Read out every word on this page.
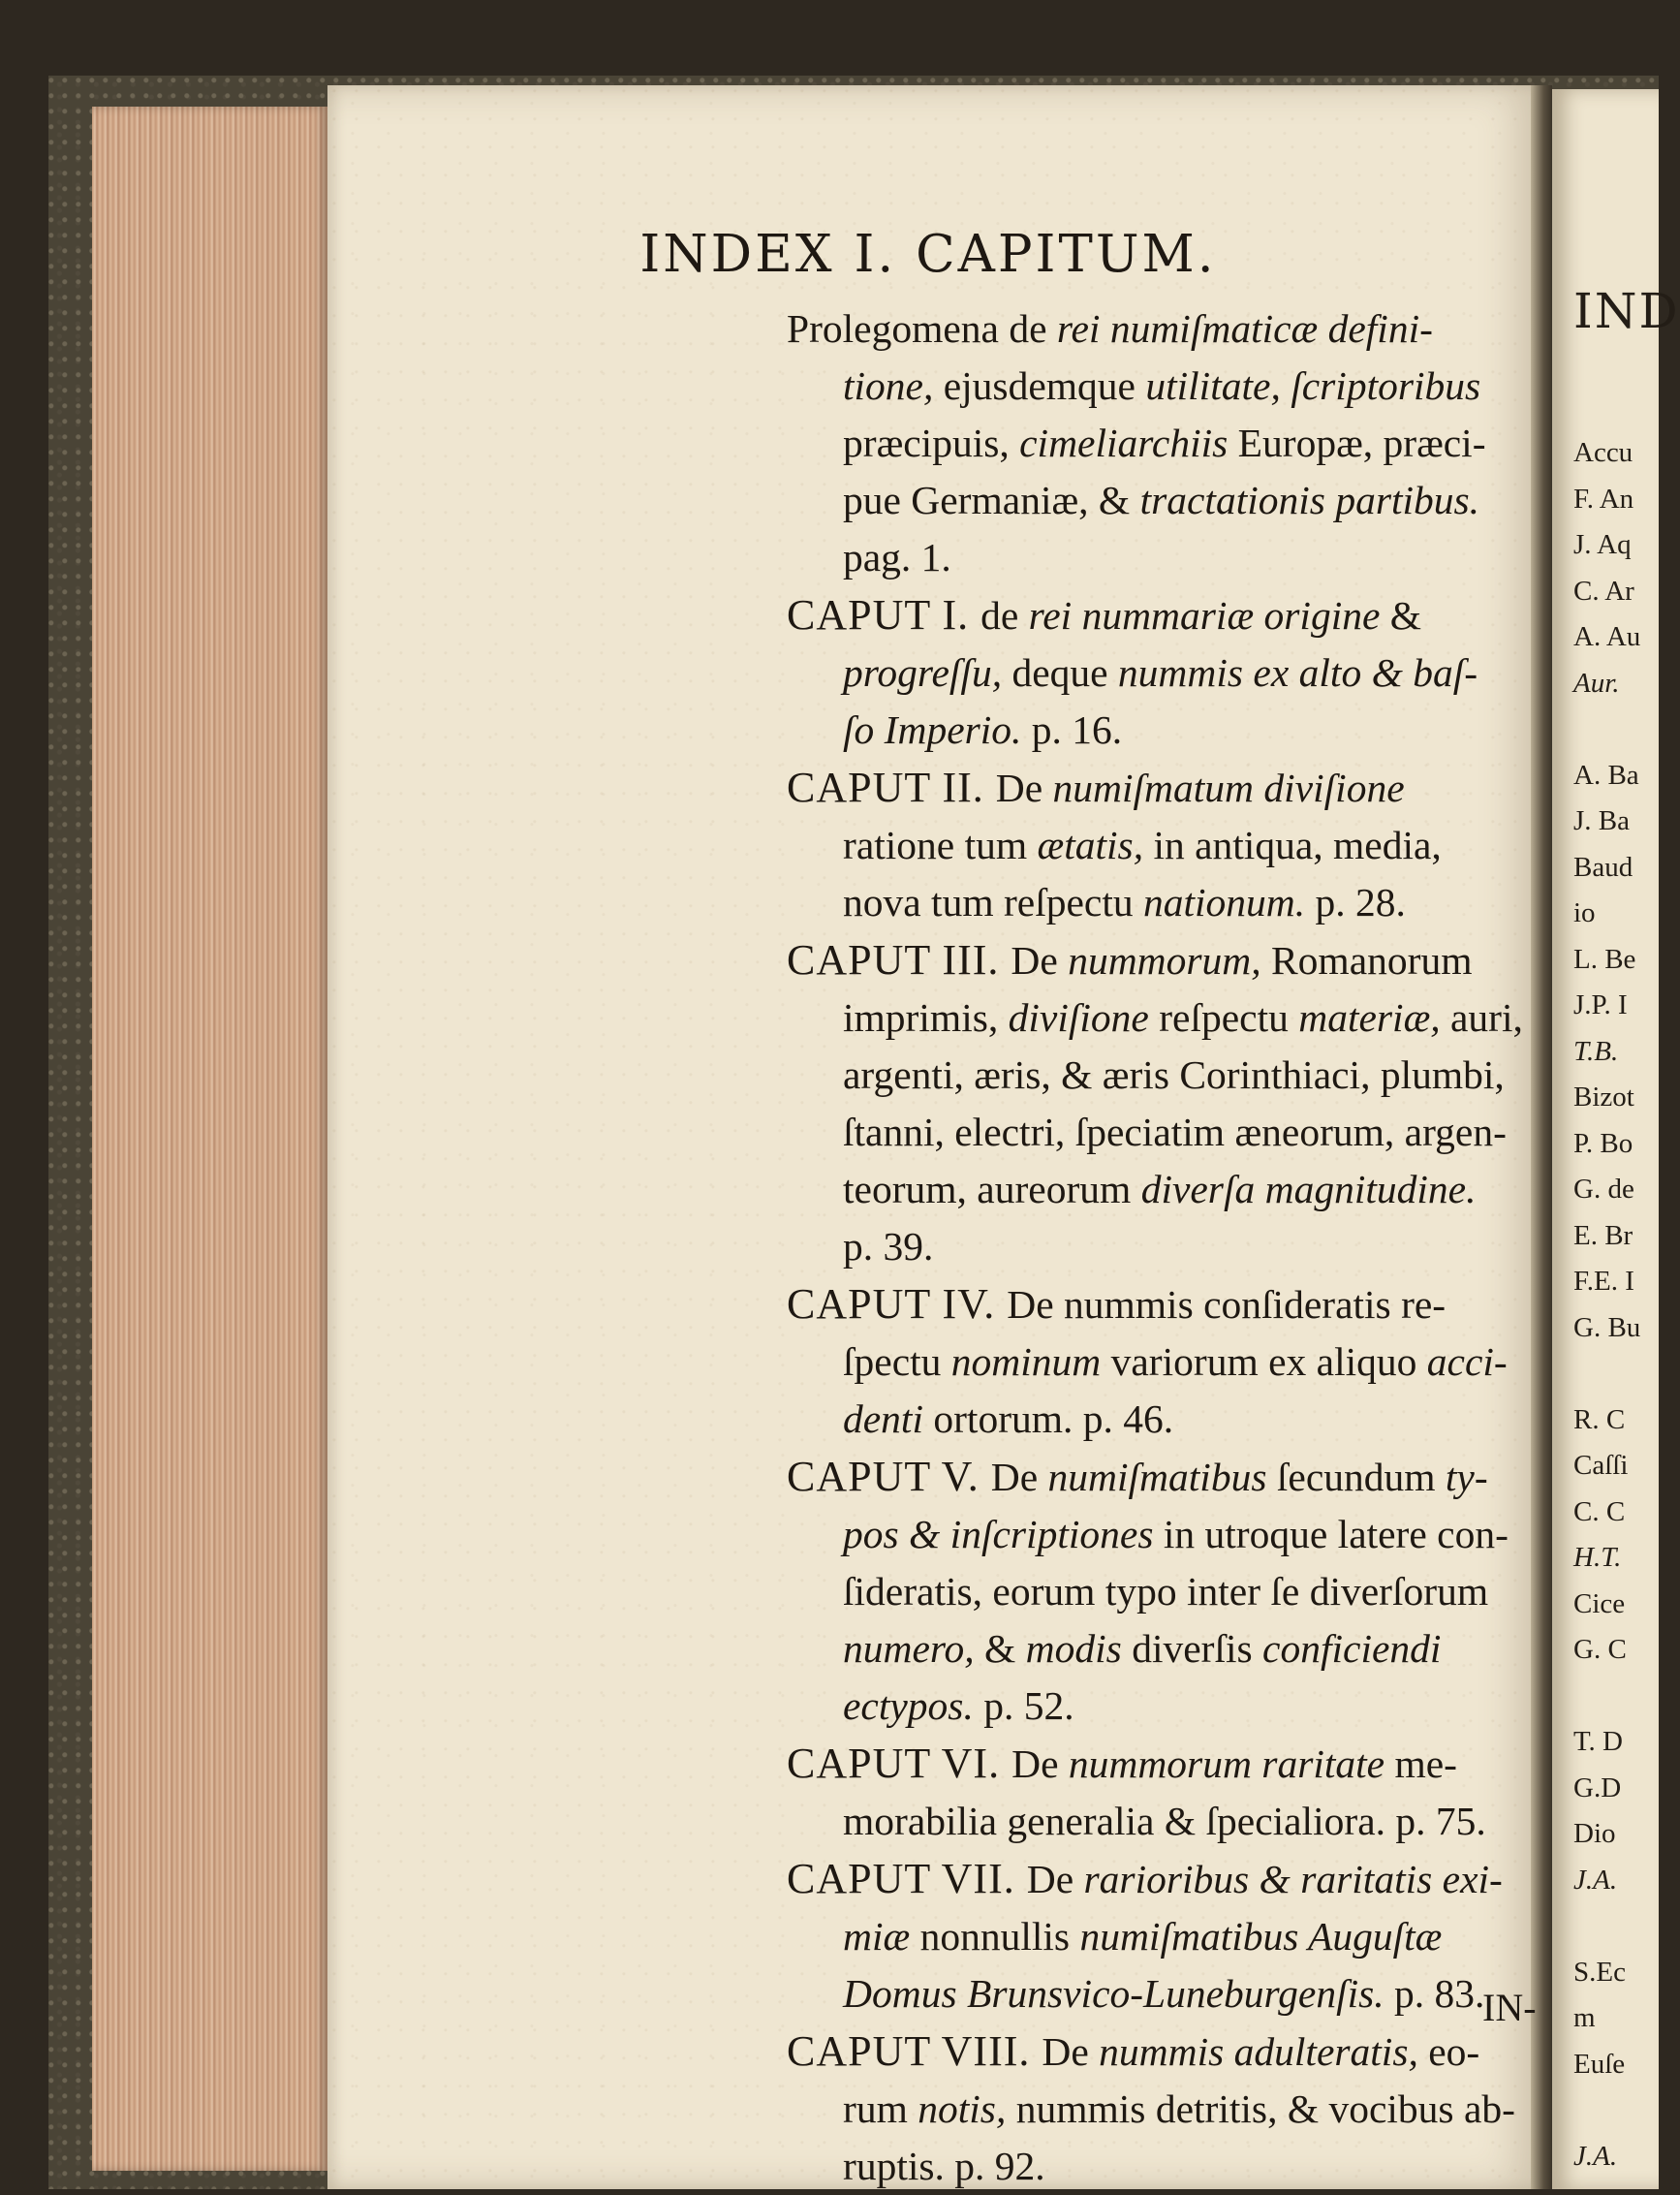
IND
Accu
F. An
J. Aq
C. Ar
A. Au
Aur.

A. Ba
J. Ba
Baud
io
L. Be
J.P. I
T.B.
Bizot
P. Bo
G. de
E. Br
F.E. I
G. Bu

R. C
Caſſi
C. C
H.T.
Cice
G. C

T. D
G.D
Dio
J.A.

S.Ec
m
Euſe

J.A.
INDEX I. CAPITUM.
Prolegomena de rei numiſmaticæ defini-
tione, ejusdemque utilitate, ſcriptoribus
præcipuis, cimeliarchiis Europæ, præci-
pue Germaniæ, & tractationis partibus.
pag. 1.
CAPUT I. de rei nummariæ origine &
progreſſu, deque nummis ex alto & baſ-
ſo Imperio. p. 16.
CAPUT II. De numiſmatum diviſione
ratione tum ætatis, in antiqua, media,
nova tum reſpectu nationum. p. 28.
CAPUT III. De nummorum, Romanorum
imprimis, diviſione reſpectu materiæ, auri,
argenti, æris, & æris Corinthiaci, plumbi,
ſtanni, electri, ſpeciatim æneorum, argen-
teorum, aureorum diverſa magnitudine.
p. 39.
CAPUT IV. De nummis conſideratis re-
ſpectu nominum variorum ex aliquo acci-
denti ortorum. p. 46.
CAPUT V. De numiſmatibus ſecundum ty-
pos & inſcriptiones in utroque latere con-
ſideratis, eorum typo inter ſe diverſorum
numero, & modis diverſis conficiendi
ectypos. p. 52.
CAPUT VI. De nummorum raritate me-
morabilia generalia & ſpecialiora. p. 75.
CAPUT VII. De rarioribus & raritatis exi-
miæ nonnullis numiſmatibus Auguſtæ
Domus Brunsvico-Luneburgenſis. p. 83.
CAPUT VIII. De nummis adulteratis, eo-
rum notis, nummis detritis, & vocibus ab-
ruptis. p. 92.
IN-
